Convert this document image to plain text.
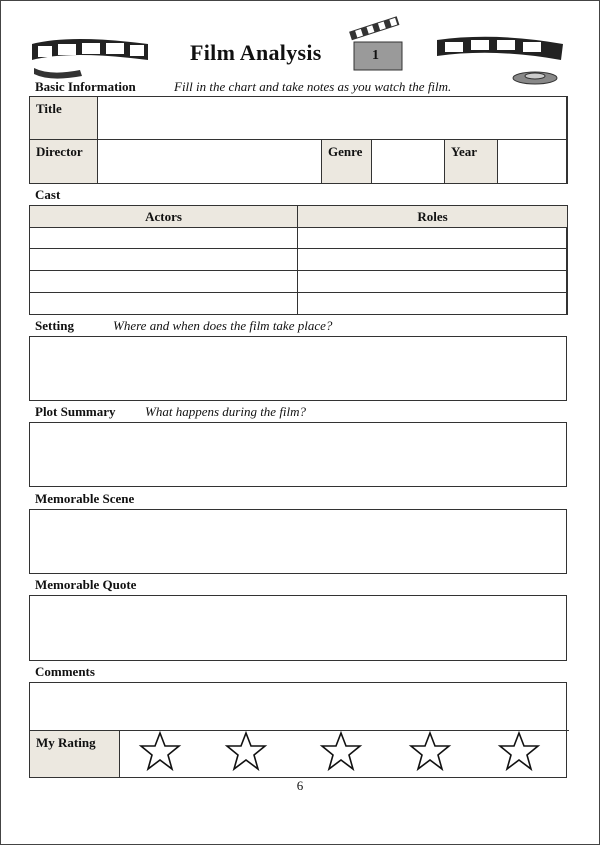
Film Analysis	1
Basic Information	Fill in the chart and take notes as you watch the film.
Title
Director	Genre	Year
Cast
Actors	Roles
Setting	Where and when does the film take place?
Plot Summary What happens during the film?
Memorable Scene
Memorable Quote
Comments
My Rating
6
